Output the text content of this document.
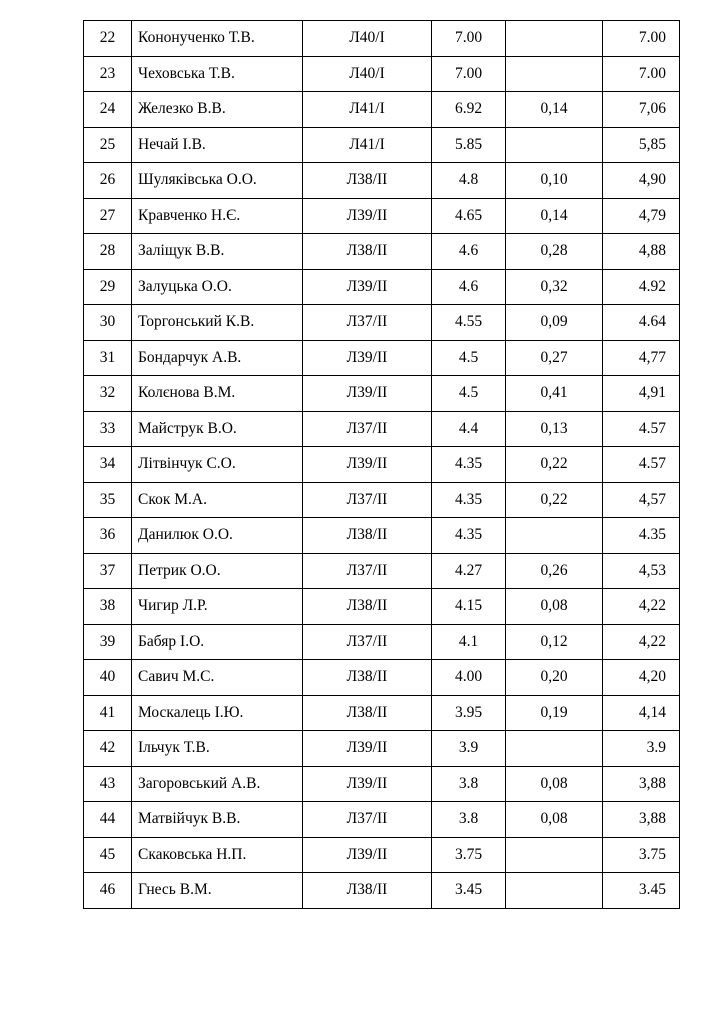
22	Кононученко Т.В.	Л40/І	7.00		7.00

23	Чеховська Т.В.	Л40/І	7.00		7.00

24	Железко В.В.	Л41/І	6.92	0,14	7,06

25	Нечай І.В.	Л41/І	5.85		5,85

26	Шуляківська О.О.	Л38/ІІ	4.8	0,10	4,90

27	Кравченко Н.Є.	Л39/ІІ	4.65	0,14	4,79

28	Заліщук В.В.	Л38/ІІ	4.6	0,28	4,88

29	Залуцька О.О.	Л39/ІІ	4.6	0,32	4.92

30	Торгонський К.В.	Л37/ІІ	4.55	0,09	4.64

31	Бондарчук А.В.	Л39/ІІ	4.5	0,27	4,77

32	Колєнова В.М.	Л39/ІІ	4.5	0,41	4,91

33	Майструк В.О.	Л37/ІІ	4.4	0,13	4.57

34	Літвінчук С.О.	Л39/ІІ	4.35	0,22	4.57

35	Скок М.А.	Л37/ІІ	4.35	0,22	4,57

36	Данилюк О.О.	Л38/ІІ	4.35		4.35

37	Петрик О.О.	Л37/ІІ	4.27	0,26	4,53

38	Чигир Л.Р.	Л38/ІІ	4.15	0,08	4,22

39	Бабяр І.О.	Л37/ІІ	4.1	0,12	4,22

40	Савич М.С.	Л38/ІІ	4.00	0,20	4,20

41	Москалець І.Ю.	Л38/ІІ	3.95	0,19	4,14

42	Ільчук Т.В.	Л39/ІІ	3.9		3.9

43	Загоровський А.В.	Л39/ІІ	3.8	0,08	3,88

44	Матвійчук В.В.	Л37/ІІ	3.8	0,08	3,88

45	Скаковська Н.П.	Л39/ІІ	3.75		3.75

46	Гнесь В.М.	Л38/ІІ	3.45		3.45
